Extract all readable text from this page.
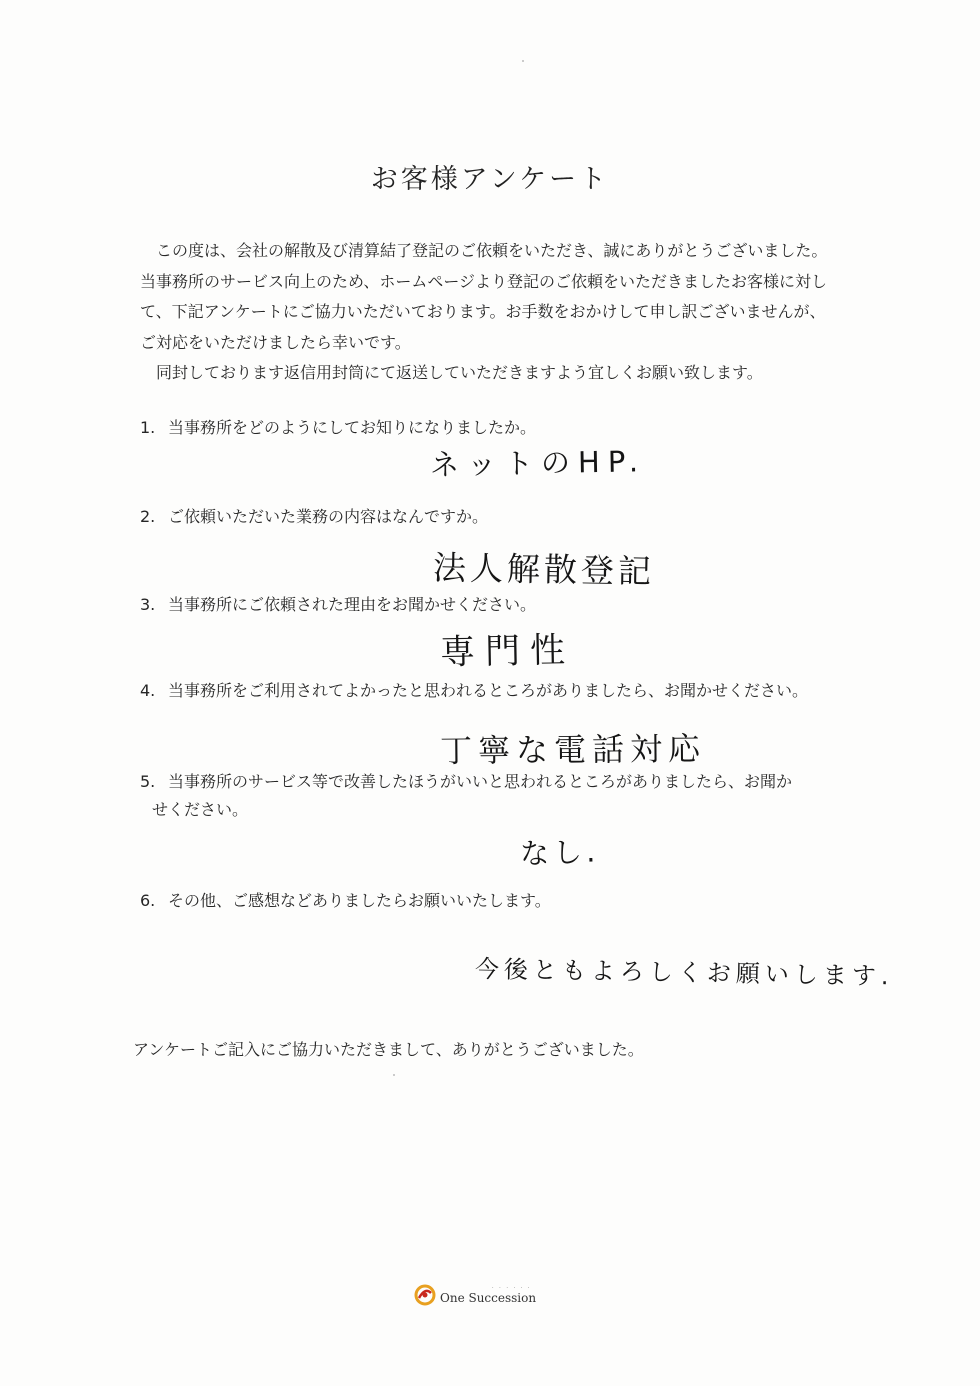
お客様アンケート

この度は、会社の解散及び清算結了登記のご依頼をいただき、誠にありがとうございました。当事務所のサービス向上のため、ホームページより登記のご依頼をいただきましたお客様に対して、下記アンケートにご協力いただいております。お手数をおかけして申し訳ございませんが、ご対応をいただけましたら幸いです。

同封しております返信用封筒にて返送していただきますよう宜しくお願い致します。

1. 当事務所をどのようにしてお知りになりましたか。
ネットのHP.
2. ご依頼いただいた業務の内容はなんですか。
法人解散登記
3. 当事務所にご依頼された理由をお聞かせください。
専門性
4. 当事務所をご利用されてよかったと思われるところがありましたら、お聞かせください。
丁寧な電話対応
5. 当事務所のサービス等で改善したほうがいいと思われるところがありましたら、お聞か
せください。
なし.
6. その他、ご感想などありましたらお願いいたします。
今後ともよろしくお願いします.
アンケートご記入にご協力いただきまして、ありがとうございました。
· · · · · ·
One Succession
